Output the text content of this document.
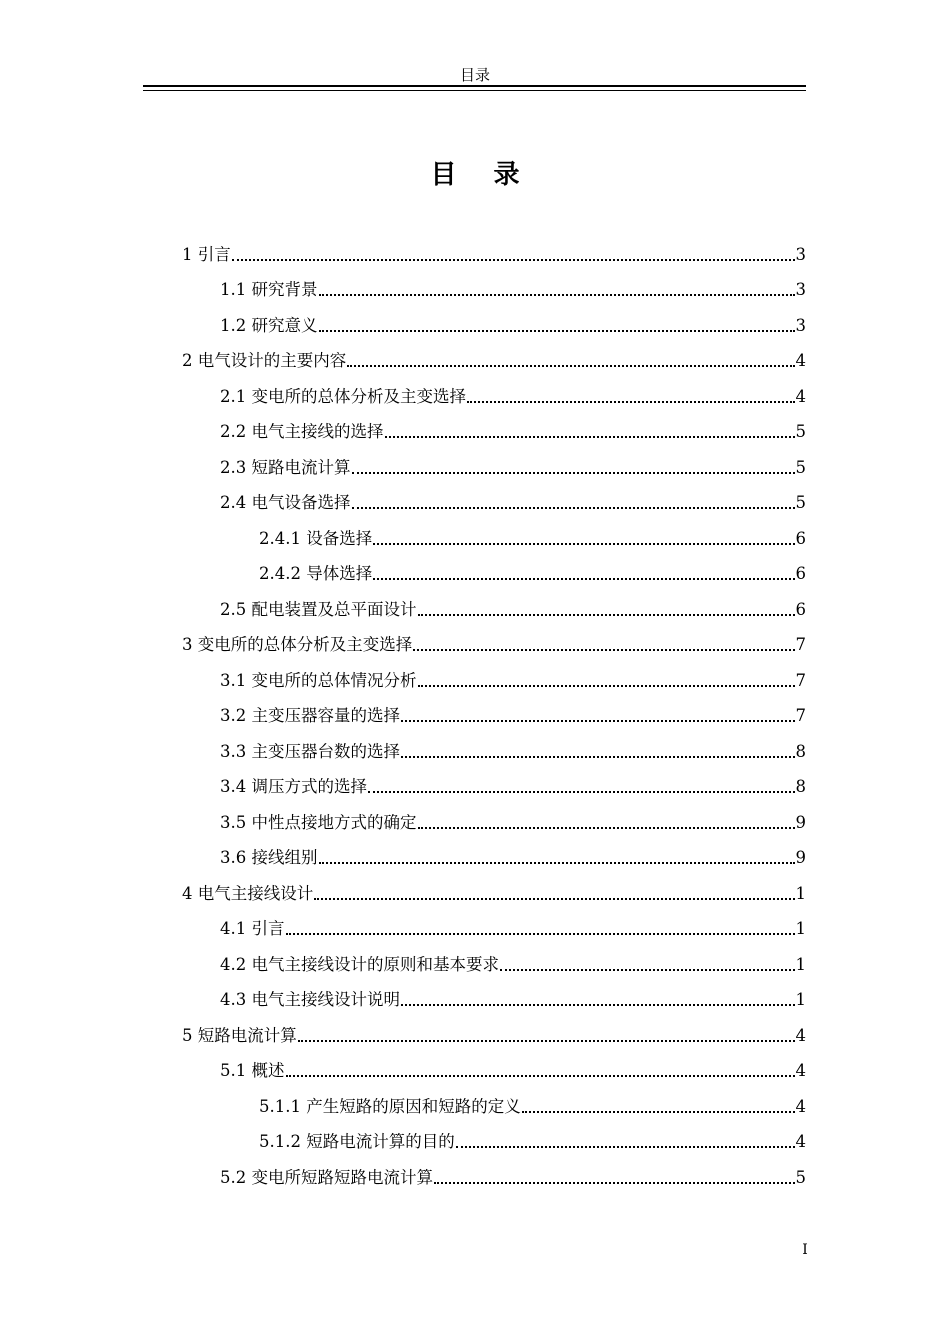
目录
目 录
1 引言	3
1.1 研究背景	3
1.2 研究意义	3
2 电气设计的主要内容	4
2.1 变电所的总体分析及主变选择	4
2.2 电气主接线的选择	5
2.3 短路电流计算	5
2.4 电气设备选择	5
2.4.1 设备选择	6
2.4.2 导体选择	6
2.5 配电装置及总平面设计	6
3 变电所的总体分析及主变选择	7
3.1 变电所的总体情况分析	7
3.2 主变压器容量的选择	7
3.3 主变压器台数的选择	8
3.4 调压方式的选择	8
3.5 中性点接地方式的确定	9
3.6 接线组别	9
4 电气主接线设计	1
4.1 引言	1
4.2 电气主接线设计的原则和基本要求	1
4.3 电气主接线设计说明	1
5 短路电流计算	4
5.1 概述	4
5.1.1 产生短路的原因和短路的定义	4
5.1.2 短路电流计算的目的	4
5.2 变电所短路短路电流计算	5
I
